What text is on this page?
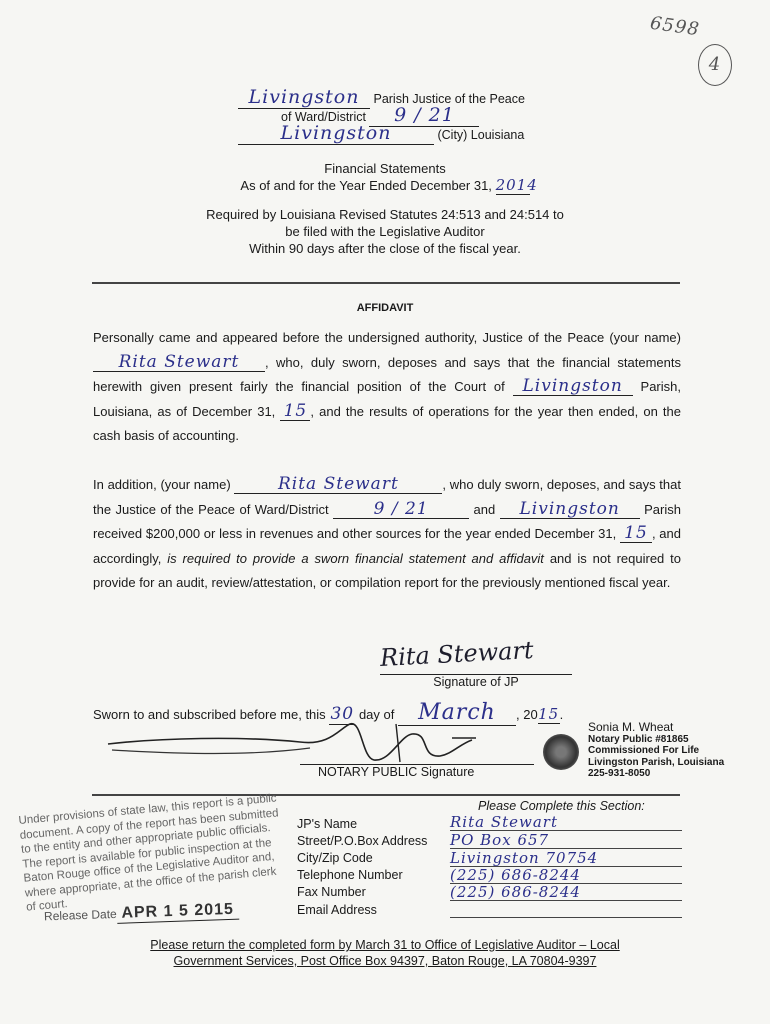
6598
4
Livingston Parish Justice of the Peace
of Ward/District 9 / 21
Livingston	(City) Louisiana
Financial Statements
As of and for the Year Ended December 31, 2014
Required by Louisiana Revised Statutes 24:513 and 24:514 to
be filed with the Legislative Auditor
Within 90 days after the close of the fiscal year.
AFFIDAVIT
Personally came and appeared before the undersigned authority, Justice of the Peace (your name) Rita Stewart , who, duly sworn, deposes and says that the financial statements herewith given present fairly the financial position of the Court of Livingston Parish, Louisiana, as of December 31, 15 , and the results of operations for the year then ended, on the cash basis of accounting.
In addition, (your name)	Rita Stewart	, who duly sworn, deposes, and says that the Justice of the Peace of Ward/District	9 / 21	and Livingston Parish received $200,000 or less in revenues and other sources for the year ended December 31, 15 , and accordingly, is required to provide a sworn financial statement and affidavit and is not required to provide for an audit, review/attestation, or compilation report for the previously mentioned fiscal year.
Rita Stewart
Signature of JP
Sworn to and subscribed before me, this 30 day of March , 2015.
NOTARY PUBLIC Signature
Sonia M. Wheat
Notary Public #81865
Commissioned For Life
Livingston Parish, Louisiana
225-931-8050
Under provisions of state law, this report is a public document. A copy of the report has been submitted to the entity and other appropriate public officials. The report is available for public inspection at the Baton Rouge office of the Legislative Auditor and, where appropriate, at the office of the parish clerk of court.
Release Date APR 1 5 2015
Please Complete this Section:
JP's Name	Rita Stewart
Street/P.O.Box Address PO Box 657
City/Zip Code	Livingston 70754
Telephone Number	(225) 686-8244
Fax Number	(225) 686-8244
Email Address
Please return the completed form by March 31 to Office of Legislative Auditor – Local
Government Services, Post Office Box 94397, Baton Rouge, LA 70804-9397
